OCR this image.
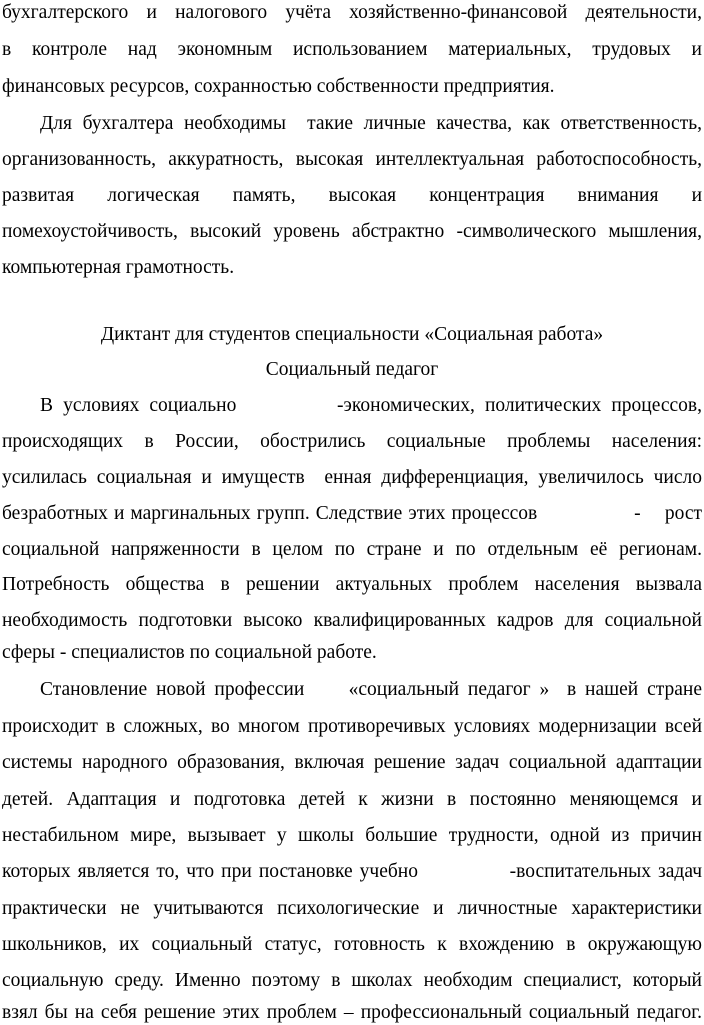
бухгалтерского и налогового учёта хозяйственно-финансовой деятельности,
в контроле над экономным использованием материальных, трудовых и
финансовых ресурсов, сохранностью собственности предприятия.
Для бухгалтера необходимы  такие личные качества, как ответственность,
организованность, аккуратность, высокая интеллектуальная работоспособность,
развитая логическая память, высокая концентрация внимания и
помехоустойчивость, высокий уровень абстрактно -символического мышления,
компьютерная грамотность.
Диктант для студентов специальности «Социальная работа»
Социальный педагог
В условиях социально          -экономических, политических процессов,
происходящих в России, обострились социальные проблемы населения:
усилилась социальная и имуществ  енная дифференциация, увеличилось число
безработных и маргинальных групп. Следствие этих процессов                -    рост
социальной напряженности в целом по стране и по отдельным её регионам.
Потребность общества в решении актуальных проблем населения вызвала
необходимость подготовки высоко квалифицированных кадров для социальной
сферы - специалистов по социальной работе.
Становление новой профессии     «социальный педагог »  в нашей стране
происходит в сложных, во многом противоречивых условиях модернизации всей
системы народного образования, включая решение задач социальной адаптации
детей. Адаптация и подготовка детей к жизни в постоянно меняющемся и
нестабильном мире, вызывает у школы большие трудности, одной из причин
которых является то, что при постановке учебно             -воспитательных задач
практически не учитываются психологические и личностные характеристики
школьников, их социальный статус, готовность к вхождению в окружающую
социальную среду. Именно поэтому в школах необходим специалист, который
взял бы на себя решение этих проблем – профессиональный социальный педагог.
